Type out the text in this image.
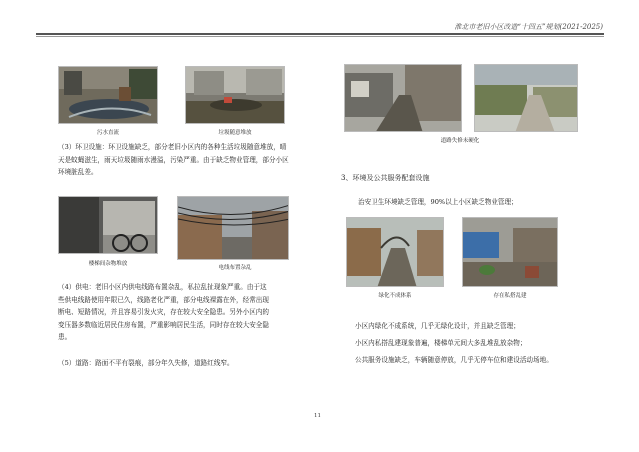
淮北市老旧小区改造“十四五”规划(2021-2025)
污水直流	垃圾随意堆放
（3）环卫设施：环卫设施缺乏，部分老旧小区内的各种生活垃圾随意堆放，晴
天是蚊蝇滋生，雨天垃圾随雨水漫溢，污染严重。由于缺乏物业管理，部分小区
环境脏乱差。
楼梯间杂物堆放
电线布置杂乱
（4）供电：老旧小区内供电线路布置杂乱，私拉乱扯现象严重。由于这
些供电线路使用年限已久，线路老化严重，部分电线裸露在外，经常出现
断电、短路情况，并且容易引发火灾，存在较大安全隐患。另外小区内的
变压器多数临近居民住房布置，严重影响居民生活，同时存在较大安全隐
患。
（5）道路：路面不平有裂痕，部分年久失修，道路红线窄。
道路失修未硬化
3、环境及公共服务配套设施
治安卫生环境缺乏管理，90%以上小区缺乏物业管理；
绿化不成体系	存在私搭乱建
小区内绿化不成系统，几乎无绿化设计，并且缺乏管理；
小区内私搭乱建现象普遍，楼梯单元间大多乱堆乱放杂物；
公共服务设施缺乏，车辆随意停放，几乎无停车位和建设活动场地。
11
